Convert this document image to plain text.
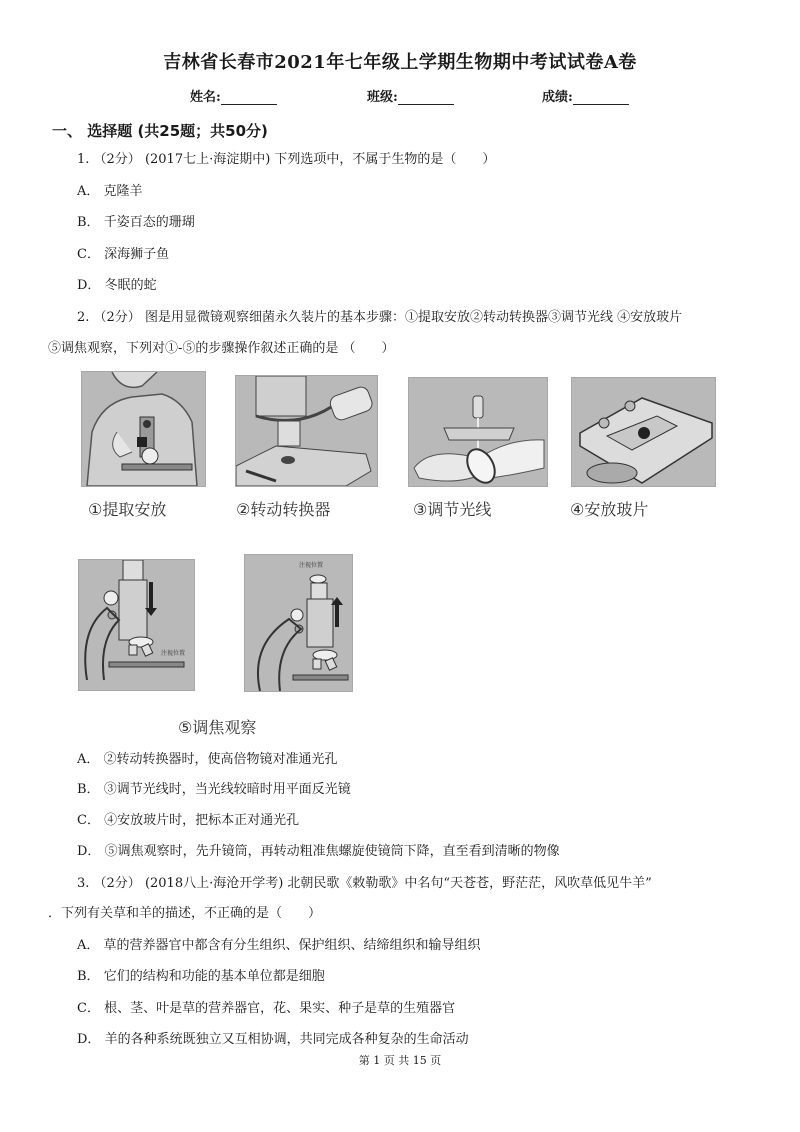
吉林省长春市2021年七年级上学期生物期中考试试卷A卷
姓名:	班级:	成绩:
一、 选择题 (共25题；共50分)
1. （2分） (2017七上·海淀期中) 下列选项中，不属于生物的是（　　）
A． 克隆羊
B． 千姿百态的珊瑚
C． 深海狮子鱼
D． 冬眠的蛇
2. （2分） 图是用显微镜观察细菌永久装片的基本步骤：①提取安放②转动转换器③调节光线 ④安放玻片
⑤调焦观察，下列对①-⑤的步骤操作叙述正确的是 （　　）
①提取安放	②转动转换器	③调节光线	④安放玻片
注视位置
注视位置
⑤调焦观察
A． ②转动转换器时，使高倍物镜对准通光孔
B． ③调节光线时，当光线较暗时用平面反光镜
C． ④安放玻片时，把标本正对通光孔
D． ⑤调焦观察时，先升镜筒，再转动粗准焦螺旋使镜筒下降，直至看到清晰的物像
3. （2分） (2018八上·海沧开学考) 北朝民歌《敕勒歌》中名句“天苍苍，野茫茫，风吹草低见牛羊”
．下列有关草和羊的描述，不正确的是（　　）
A． 草的营养器官中都含有分生组织、保护组织、结缔组织和输导组织
B． 它们的结构和功能的基本单位都是细胞
C． 根、茎、叶是草的营养器官，花、果实、种子是草的生殖器官
D． 羊的各种系统既独立又互相协调，共同完成各种复杂的生命活动
第 1 页 共 15 页
